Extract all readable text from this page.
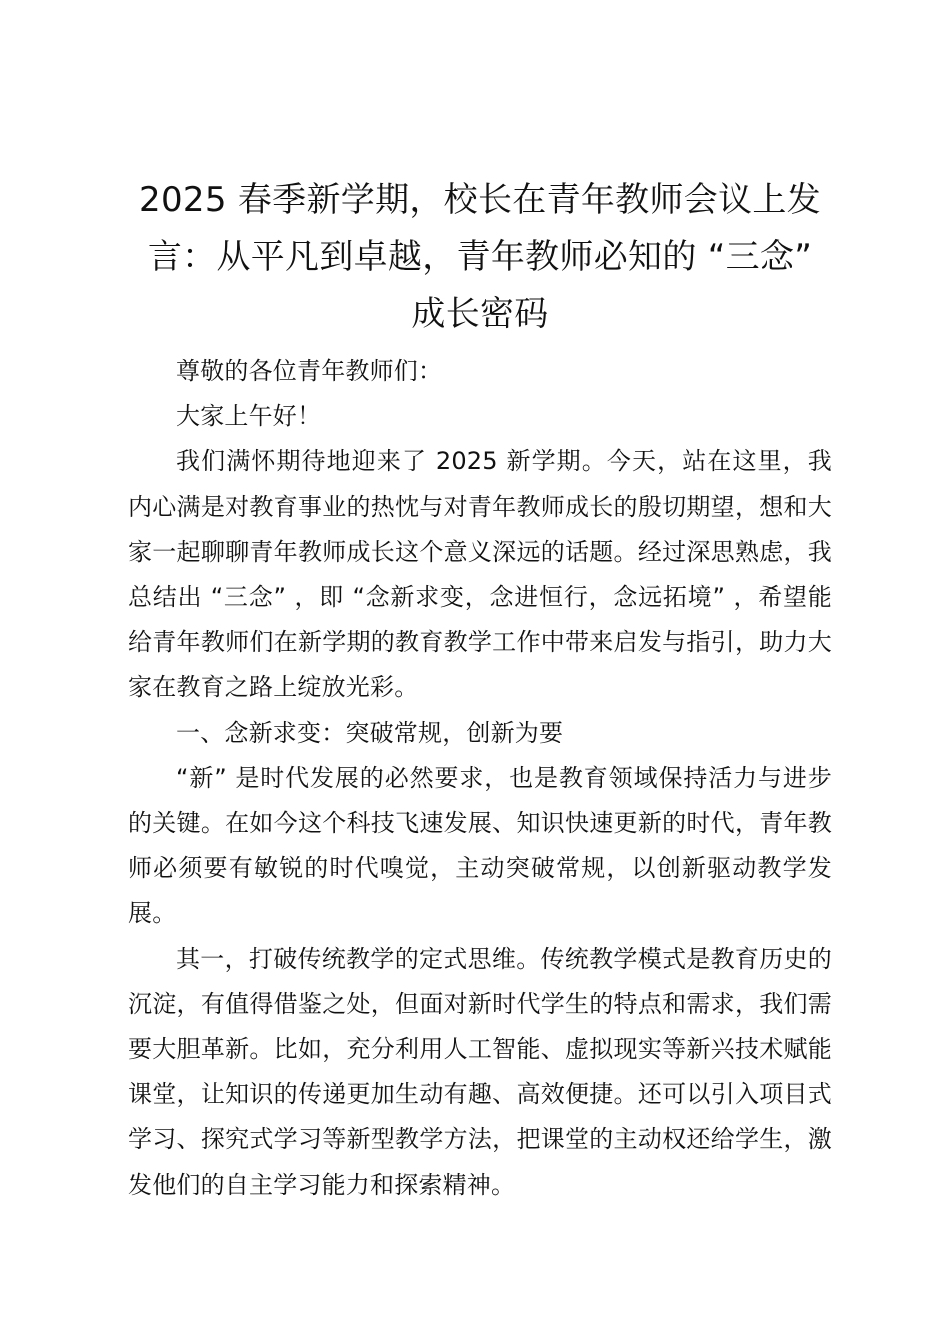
2025 春季新学期，校长在青年教师会议上发言：从平凡到卓越，青年教师必知的 “三念” 成长密码

尊敬的各位青年教师们：

大家上午好！

我们满怀期待地迎来了 2025 新学期。今天，站在这里，我内心满是对教育事业的热忱与对青年教师成长的殷切期望，想和大家一起聊聊青年教师成长这个意义深远的话题。经过深思熟虑，我总结出 “三念” ，即 “念新求变，念进恒行，念远拓境” ，希望能给青年教师们在新学期的教育教学工作中带来启发与指引，助力大家在教育之路上绽放光彩。

一、念新求变：突破常规，创新为要

“新” 是时代发展的必然要求，也是教育领域保持活力与进步的关键。在如今这个科技飞速发展、知识快速更新的时代，青年教师必须要有敏锐的时代嗅觉，主动突破常规，以创新驱动教学发展。

其一，打破传统教学的定式思维。传统教学模式是教育历史的沉淀，有值得借鉴之处，但面对新时代学生的特点和需求，我们需要大胆革新。比如，充分利用人工智能、虚拟现实等新兴技术赋能课堂，让知识的传递更加生动有趣、高效便捷。还可以引入项目式学习、探究式学习等新型教学方法，把课堂的主动权还给学生，激发他们的自主学习能力和探索精神。
